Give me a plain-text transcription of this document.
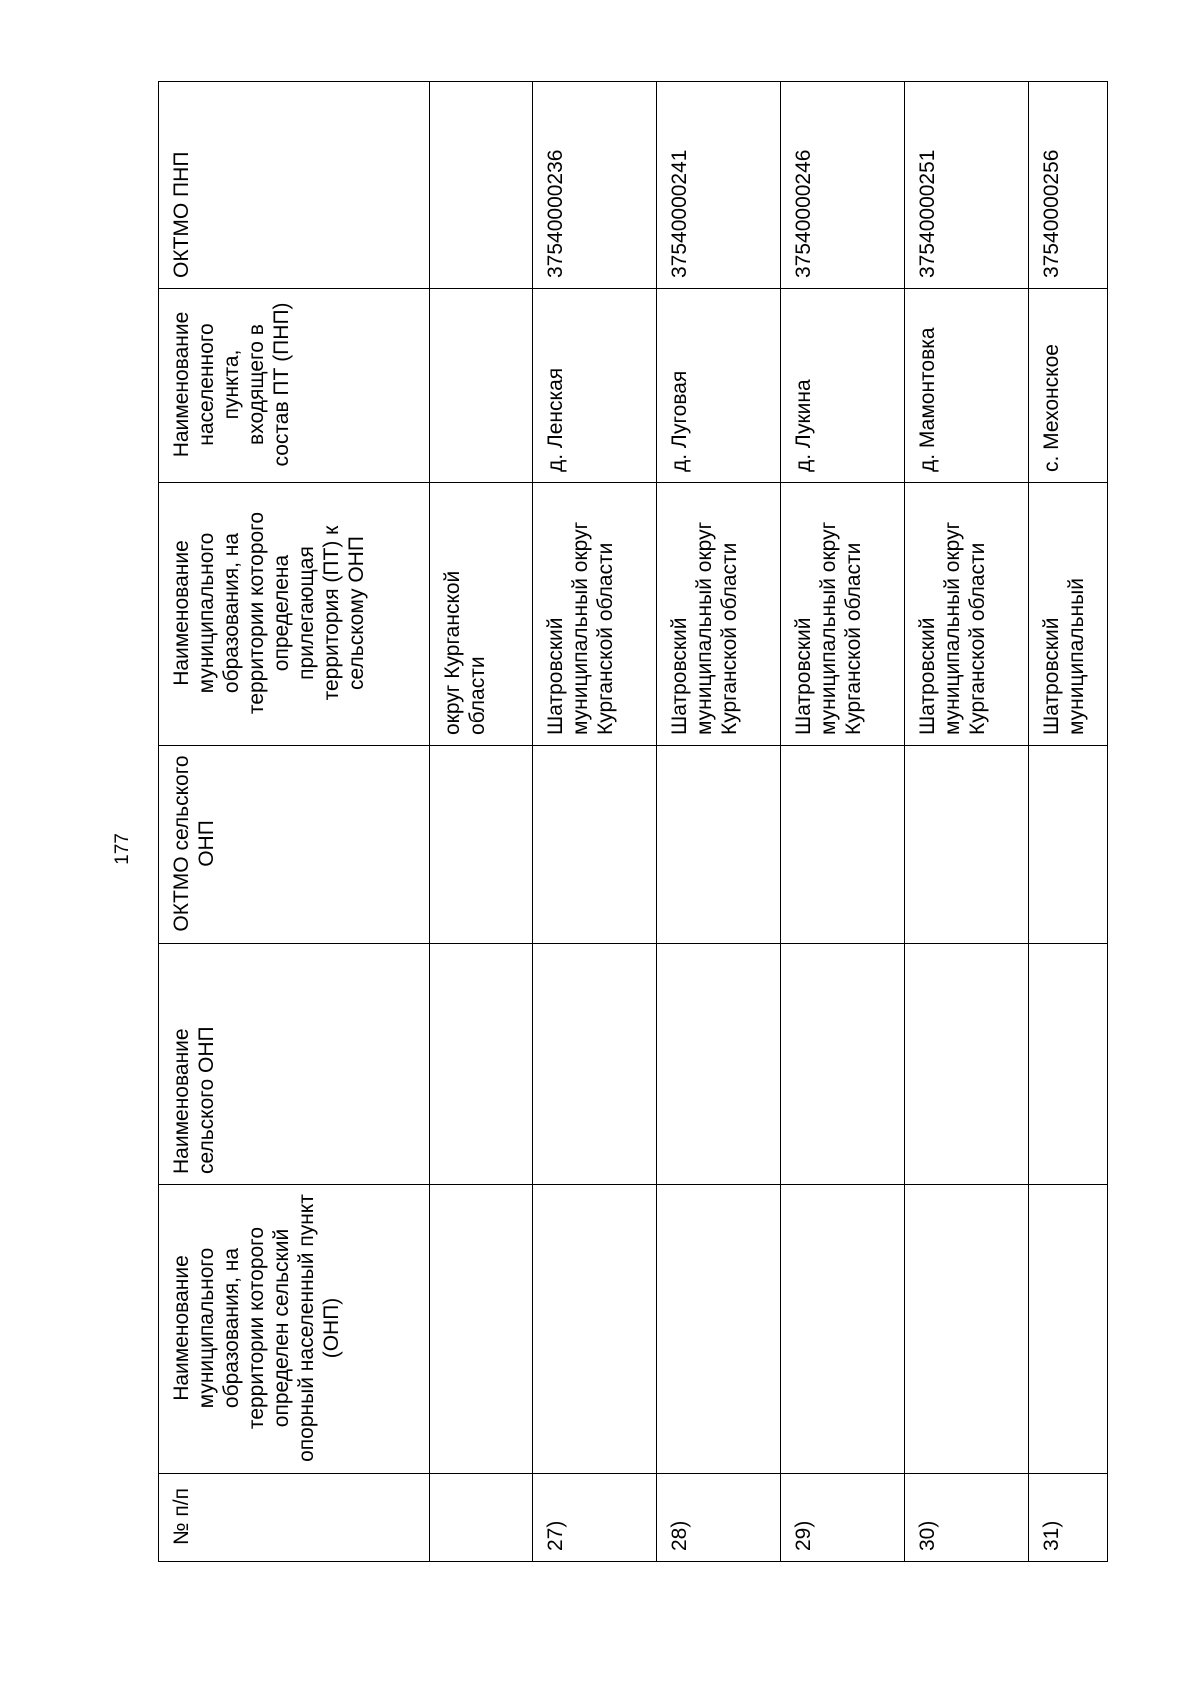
177
№ п/п	Наименование муниципального образования, на территории которого определен сельский опорный населенный пункт (ОНП)	Наименование сельского ОНП	ОКТМО сельского ОНП	Наименование муниципального образования, на территории которого определена прилегающая территория (ПТ) к сельскому ОНП	Наименование населенного пункта, входящего в состав ПТ (ПНП)	ОКТМО ПНП
				округ Курганской области		
27)				Шатровский муниципальный округ Курганской области	д. Ленская	37540000236
28)				Шатровский муниципальный округ Курганской области	д. Луговая	37540000241
29)				Шатровский муниципальный округ Курганской области	д. Лукина	37540000246
30)				Шатровский муниципальный округ Курганской области	д. Мамонтовка	37540000251
31)				Шатровский муниципальный	с. Мехонское	37540000256
